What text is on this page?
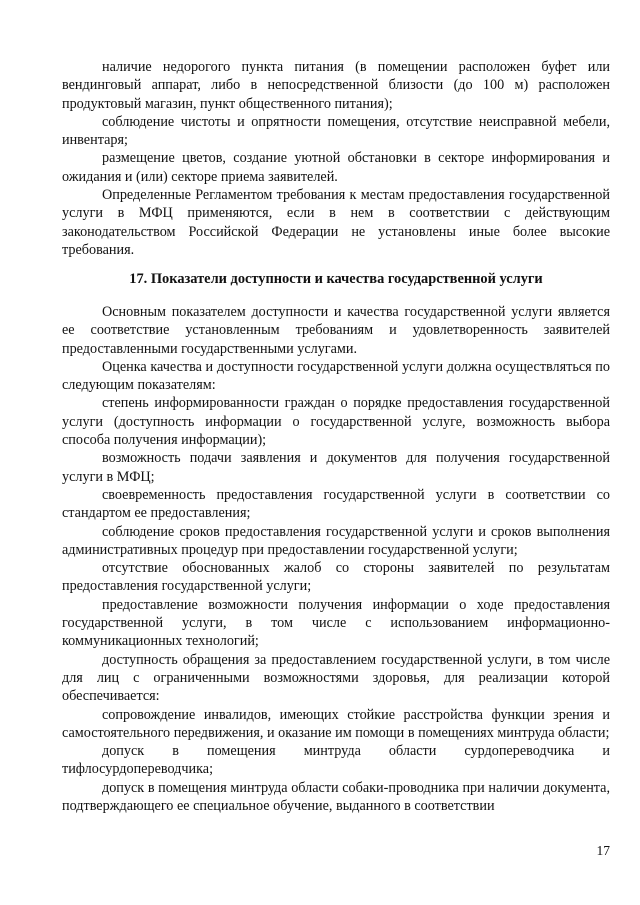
наличие недорогого пункта питания (в помещении расположен буфет или вендинговый аппарат, либо в непосредственной близости (до 100 м) расположен продуктовый магазин, пункт общественного питания);

соблюдение чистоты и опрятности помещения, отсутствие неисправной мебели, инвентаря;

размещение цветов, создание уютной обстановки в секторе информирования и ожидания и (или) секторе приема заявителей.

Определенные Регламентом требования к местам предоставления государственной услуги в МФЦ применяются, если в нем в соответствии с действующим законодательством Российской Федерации не установлены иные более высокие требования.

17. Показатели доступности и качества государственной услуги

Основным показателем доступности и качества государственной услуги является ее соответствие установленным требованиям и удовлетворенность заявителей предоставленными государственными услугами.

Оценка качества и доступности государственной услуги должна осуществляться по следующим показателям:

степень информированности граждан о порядке предоставления государственной услуги (доступность информации о государственной услуге, возможность выбора способа получения информации);

возможность подачи заявления и документов для получения государственной услуги в МФЦ;

своевременность предоставления государственной услуги в соответствии со стандартом ее предоставления;

соблюдение сроков предоставления государственной услуги и сроков выполнения административных процедур при предоставлении государственной услуги;

отсутствие обоснованных жалоб со стороны заявителей по результатам предоставления государственной услуги;

предоставление возможности получения информации о ходе предоставления государственной услуги, в том числе с использованием информационно-коммуникационных технологий;

доступность обращения за предоставлением государственной услуги, в том числе для лиц с ограниченными возможностями здоровья, для реализации которой обеспечивается:

сопровождение инвалидов, имеющих стойкие расстройства функции зрения и самостоятельного передвижения, и оказание им помощи в помещениях минтруда области;

допуск в помещения минтруда области сурдопереводчика и тифлосурдопереводчика;

допуск в помещения минтруда области собаки-проводника при наличии документа, подтверждающего ее специальное обучение, выданного в соответствии

17
